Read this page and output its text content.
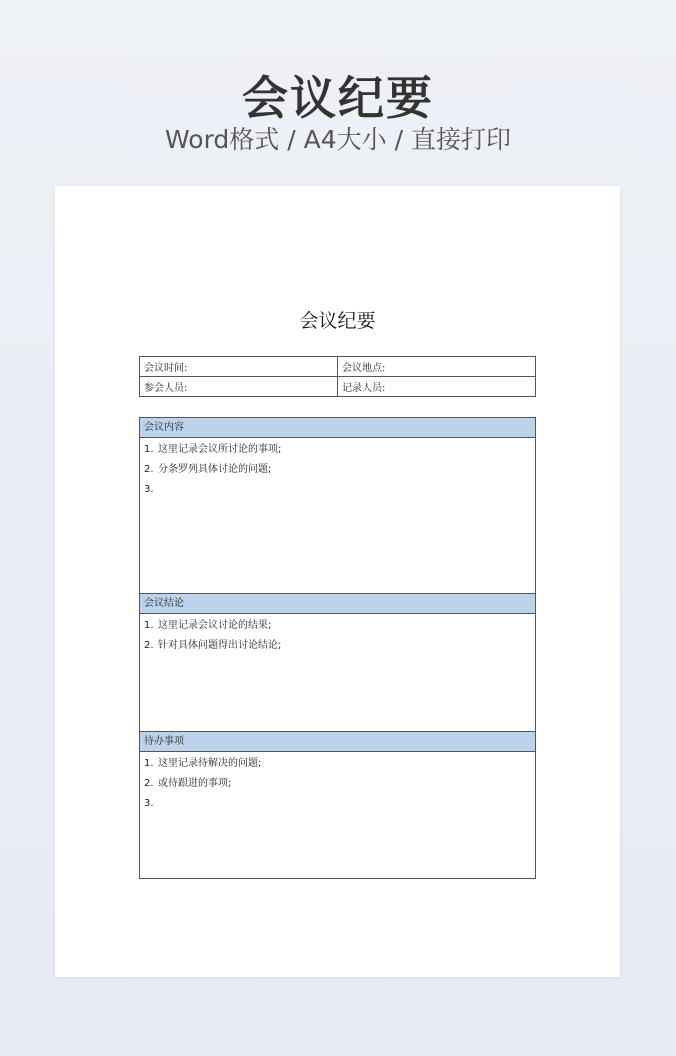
会议纪要
Word格式 / A4大小 / 直接打印
会议纪要
会议时间:	会议地点:
参会人员:	记录人员:
会议内容
1. 这里记录会议所讨论的事项;
2. 分条罗列具体讨论的问题;
3.
会议结论
1. 这里记录会议讨论的结果;
2. 针对具体问题得出讨论结论;
待办事项
1. 这里记录待解决的问题;
2. 或待跟进的事项;
3.
